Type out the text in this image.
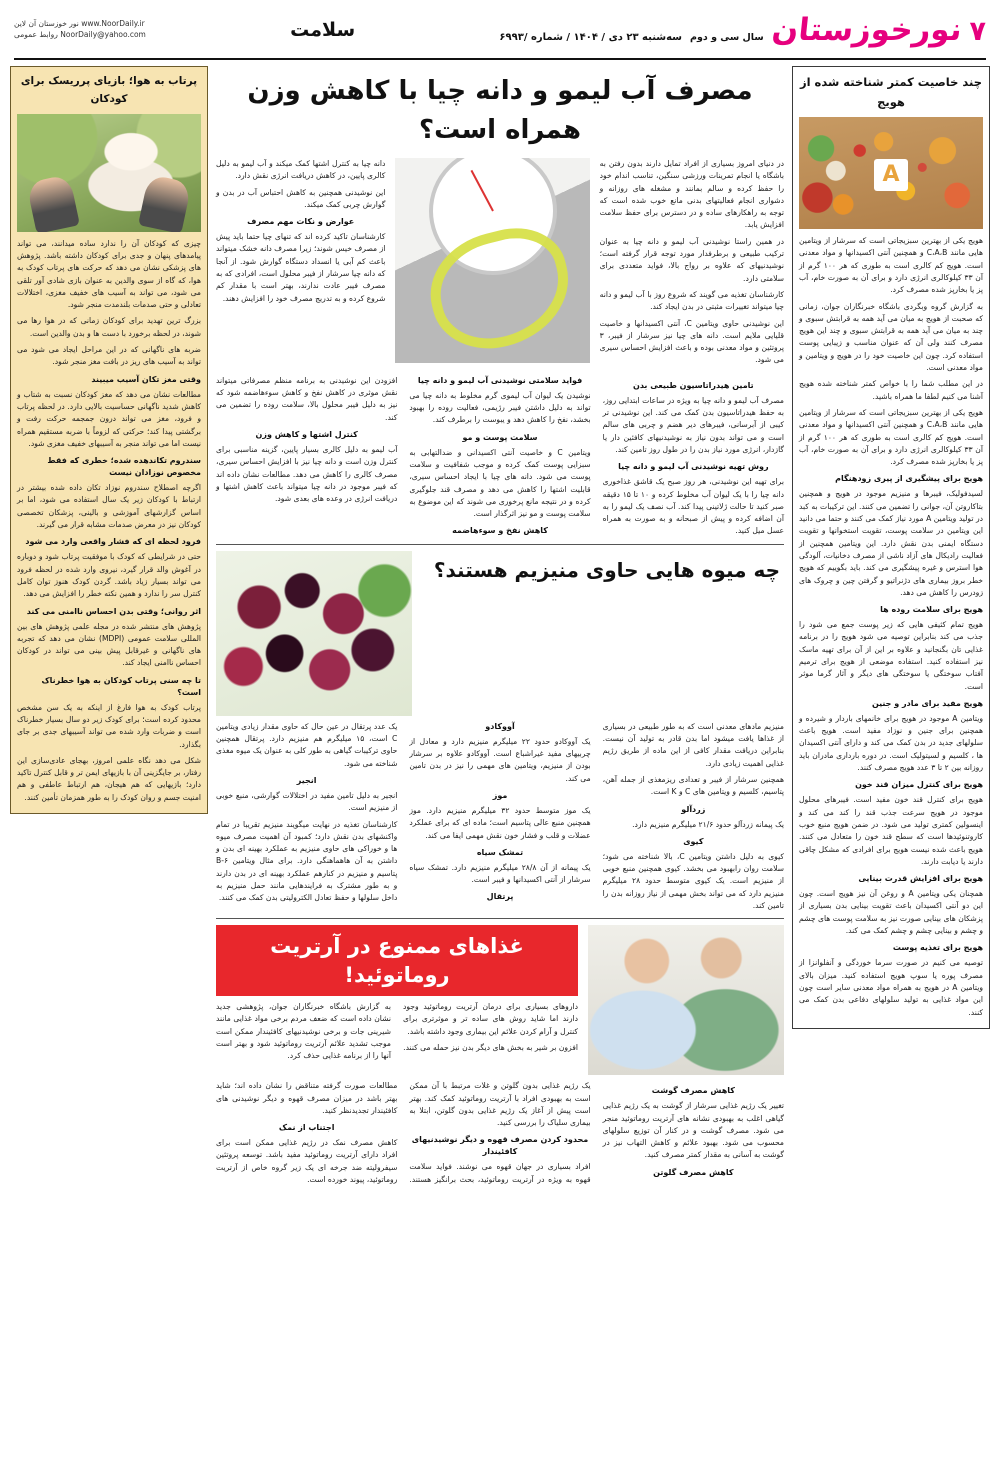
۷
نورخوزستان
سال سی و دوم
سه‌شنبه ۲۳ دی / ۱۴۰۴ / شماره /۶۹۹۳
سلامت
نور خوزستان آن لاین www.NoorDaily.ir
روابط عمومی NoorDaily@yahoo.com
چند خاصیت کمتر شناخته شده از هویج
A

هویج یکی از بهترین سبزیجاتی است که سرشار از ویتامین هایی مانند C،A،B و همچنین آنتی اکسیدانها و مواد معدنی است. هویج کم کالری است به طوری که هر ۱۰۰ گرم از آن ۳۳ کیلوکالری انرژی دارد و برای آن به صورت خام، آب پز یا بخارپز شده مصرف کرد.

به گزارش گروه وبگردی باشگاه خبرنگاران جوان، زمانی که صحبت از هویج به میان می آید همه به قرابتش سبوی و چند به میان می آید همه به قرابتش سبوی و چند این هویج مصرف کنند ولی آن که عنوان مناسب و زیبایی پوست استفاده کرد. چون این خاصیت خود را در هویج و ویتامین و مواد معدنی است.

در این مطلب شما را با خواص کمتر شناخته شده هویج آشنا می کنیم لطفا ما همراه باشید.

هویج یکی از بهترین سبزیجاتی است که سرشار از ویتامین هایی مانند C،A،B و همچنین آنتی اکسیدانها و مواد معدنی است. هویج کم کالری است به طوری که هر ۱۰۰ گرم از آن ۳۳ کیلوکالری انرژی دارد و برای آن به صورت خام، آب پز یا بخارپز شده مصرف کرد.

هویج برای پیشگیری از پیری زودهنگام

لسیدفولیک، فیبرها و منیزیم موجود در هویج و همچنین بتاکاروتن آن، جوانی را تضمین می کنند. این ترکیبات به کبد در تولید ویتامین A مورد نیاز کمک می کنند و حتما می دانید این ویتامین در سلامت پوست، تقویت استخوانها و تقویت دستگاه ایمنی بدن نقش دارد. این ویتامین همچنین از فعالیت رادیکال های آزاد ناشی از مصرف دخانیات، آلودگی هوا استرس و غیره پیشگیری می کند. باید بگوییم که هویج خطر بروز بیماری های دژنراتیو و گرفتن چین و چروک های زودرس را کاهش می دهد.

هویج برای سلامت روده ها

هویج تمام کثیفی هایی که زیر پوست جمع می شود را جذب می کند بنابراین توصیه می شود هویج را در برنامه غذایی تان بگنجانید و علاوه بر این از آن برای تهیه ماسک نیز استفاده کنید. استفاده موضعی از هویج برای ترمیم آفتاب سوختگی یا سوختگی های دیگر و آثار گرما موثر است.

هویج مفید برای مادر و جنین

ویتامین A موجود در هویج برای خانمهای باردار و شیرده و همچنین برای جنین و نوزاد مفید است. هویج باعث سلولهای جدید در بدن کمک می کند و دارای آنتی اکسیدان ها ، کلسیم و لسیتولیک است. در دوره بارداری مادران باید روزانه بین ۲ تا ۳ عدد هویج مصرف کنند.

هویج برای کنترل میزان قند خون

هویج برای کنترل قند خون مفید است. فیبرهای محلول موجود در هویج سرعت جذب قند را کند می کند و اینسولین کمتری تولید می شود. در ضمن هویج منبع خوب کاروتنوئیدها است که سطح قند خون را متعادل می کنند. هویج باعث شده نیست هویج برای افرادی که مشکل چاقی دارند یا دیابت دارند.

هویج برای افزایش قدرت بینایی

همچنان یکی ویتامین A و روغن آن نیز هویج است. چون این دو آنتی اکسیدان باعث تقویت بینایی بدن بسیاری از پزشکان های بینایی صورت نیز به سلامت پوست های چشم و چشم و بینایی چشم و چشم کمک می کند.

هویج برای تغذیه پوست

توصیه می کنیم در صورت سرما خوردگی و آنفلوانزا از مصرف پوره یا سوپ هویج استفاده کنید. میزان بالای ویتامین A در هویج به همراه مواد معدنی سایر است چون این مواد غذایی به تولید سلولهای دفاعی بدن کمک می کنند.

مصرف آب لیمو و دانه چیا با کاهش وزن همراه است؟

در دنیای امروز بسیاری از افراد تمایل دارند بدون رفتن به باشگاه یا انجام تمرینات ورزشی سنگین، تناسب اندام خود را حفظ کرده و سالم بمانند و مشغله های روزانه و دشواری انجام فعالیتهای بدنی مانع خوب شده است که توجه به راهکارهای ساده و در دسترس برای حفظ سلامت افزایش یابد.

در همین راستا نوشیدنی آب لیمو و دانه چیا به عنوان ترکیب طبیعی و برطرفدار مورد توجه قرار گرفته است؛ نوشیدنیهای که علاوه بر رواج بالا، فواید متعددی برای سلامتی دارد.

کارشناسان تغذیه می گویند که شروع روز با آب لیمو و دانه چیا میتواند تغییرات مثبتی در بدن ایجاد کند.

این نوشیدنی حاوی ویتامین C، آنتی اکسیدانها و خاصیت قلیایی ملایم است. دانه های چیا نیز سرشار از فیبر، ۳ پروتئین و مواد معدنی بوده و باعث افزایش احساس سیری می شود.

دانه چیا به کنترل اشتها کمک میکند و آب لیمو به دلیل کالری پایین، در کاهش دریافت انرژی نقش دارد.

این نوشیدنی همچنین به کاهش احتباس آب در بدن و گوارش چربی کمک میکند.

عوارض و نکات مهم مصرف

کارشناسان تاکید کرده اند که تنهای چیا حتما باید پیش از مصرف خیس شوند؛ زیرا مصرف دانه خشک میتواند باعث کم آبی یا انسداد دستگاه گوارش شود. از آنجا که دانه چیا سرشار از فیبر محلول است، افرادی که به مصرف فیبر عادت ندارند، بهتر است با مقدار کم شروع کرده و به تدریج مصرف خود را افزایش دهند.

تامین هیدراتاسیون طبیعی بدن

مصرف آب لیمو و دانه چیا به ویژه در ساعات ابتدایی روز، به حفظ هیدراتاسیون بدن کمک می کند. این نوشیدنی تر کیبی از آبرسانی، فیبرهای دیر هضم و چربی های سالم است و می تواند بدون نیاز به نوشیدنیهای کافئین دار یا گازدار، انرژی مورد نیاز بدن را در طول روز تامین کند.

روش تهیه نوشیدنی آب لیمو و دانه چیا

برای تهیه این نوشیدنی، هر روز صبح یک قاشق غذاخوری دانه چیا را با یک لیوان آب مخلوط کرده و ۱۰ تا ۱۵ دقیقه صبر کنید تا حالت ژلاتینی پیدا کند. آب نصف یک لیمو را به آن اضافه کرده و پیش از صبحانه و به صورت به همراه عسل میل کنید.

فواید سلامتی نوشیدنی آب لیمو و دانه چیا

نوشیدن یک لیوان آب لیموی گرم مخلوط به دانه چیا می تواند به دلیل داشتن فیبر رژیمی، فعالیت روده را بهبود بخشد، نفخ را کاهش دهد و یبوست را برطرف کند.

سلامت پوست و مو

ویتامین C و خاصیت آنتی اکسیدانی و ضدالتهابی به سبزایی پوست کمک کرده و موجب شفافیت و سلامت پوست می شود. دانه های چیا با ایجاد احساس سیری، قابلیت اشتها را کاهش می دهد و مصرف قند جلوگیری کرده و در نتیجه مانع پرخوری می شوند که این موضوع به سلامت پوست و مو نیز اثرگذار است.

کاهش نفخ و سوءهاضمه

افزودن این نوشیدنی به برنامه منظم مصرفاتی میتواند نقش موثری در کاهش نفخ و کاهش سوءهاضمه شود که نیز به دلیل فیبر محلول بالا، سلامت روده را تضمین می کند.

کنترل اشتها و کاهش وزن

آب لیمو به دلیل کالری بسیار پایین، گزینه مناسبی برای کنترل وزن است و دانه چیا نیز با افزایش احساس سیری، مصرف کالری را کاهش می دهد. مطالعات نشان داده اند که فیبر موجود در دانه چیا میتواند باعث کاهش اشتها و دریافت انرژی در وعده های بعدی شود.

چه میوه هایی حاوی منیزیم هستند؟

منیزیم مادهای معدنی است که به طور طبیعی در بسیاری از غذاها یافت میشود اما بدن قادر به تولید آن نیست. بنابراین دریافت مقدار کافی از این ماده از طریق رژیم غذایی اهمیت زیادی دارد.

همچنین سرشار از فیبر و تعدادی ریزمغذی از جمله آهن، پتاسیم، کلسیم و ویتامین های C و K است.

زردآلو

یک پیمانه زردآلو حدود ۲۱/۶ میلیگرم منیزیم دارد.

کیوی

کیوی به دلیل داشتن ویتامین C، بالا شناخته می شود؛ سلامت روان رابهبود می بخشد. کیوی همچنین منبع خوبی از منیزیم است. یک کیوی متوسط حدود ۲۸ میلیگرم منیزیم دارد که می تواند بخش مهمی از نیاز روزانه بدن را تامین کند.

آووکادو

یک آووکادو حدود ۲۲ میلیگرم منیزیم دارد و معادل از چربیهای مفید غیراشباع است. آووکادو علاوه بر سرشار بودن از منیزیم، ویتامین های مهمی را نیز در بدن تامین می کند.

موز

یک موز متوسط حدود ۳۲ میلیگرم منیزیم دارد. موز همچنین منبع عالی پتاسیم است؛ ماده ای که برای عملکرد عضلات و قلب و فشار خون نقش مهمی ایفا می کند.

تمشک سیاه

یک پیمانه از آن ۲۸/۸ میلیگرم منیزیم دارد. تمشک سیاه سرشار از آنتی اکسیدانها و فیبر است.

پرتقال

یک عدد پرتقال در عین حال که حاوی مقدار زیادی ویتامین C است، ۱۵ میلیگرم هم منیزیم دارد. پرتقال همچنین حاوی ترکیبات گیاهی به طور کلی به عنوان یک میوه مغذی شناخته می شود.

انجیر

انجیر به دلیل تامین مفید در اختلالات گوارشی، منبع خوبی از منیزیم است.

کارشناسان تغذیه در نهایت میگویند منیزیم تقریبا در تمام واکنشهای بدن نقش دارد؛ کمبود آن اهمیت مصرف میوه ها و خوراکی های حاوی منیزیم به عملکرد بهینه ای بدن و داشتن به آن هاهماهنگی دارد. برای مثال ویتامین ۶-B پتاسیم و منیزیم در کنارهم عملکرد بهینه ای در بدن دارند و به طور مشترک به فرایندهایی مانند حمل منیزیم به داخل سلولها و حفظ تعادل الکترولیتی بدن کمک می کنند.

غذاهای ممنوع در آرتریت روماتوئید!

داروهای بسیاری برای درمان آرتریت روماتوئید وجود دارند اما شاید روش های ساده تر و موثرتری برای کنترل و آرام کردن علائم این بیماری وجود داشته باشد.

افزون بر شیر به بخش های دیگر بدن نیز حمله می کنند.

به گزارش باشگاه خبرنگاران جوان، پژوهشی جدید نشان داده است که ضعف مردم برخی مواد غذایی مانند شیرینی جات و برخی نوشیدنیهای کافئیندار ممکن است موجب تشدید علائم آرتریت روماتوئید شود و بهتر است آنها را از برنامه غذایی حذف کرد.

کاهش مصرف گوشت

تغییر یک رژیم غذایی سرشار از گوشت به یک رژیم غذایی گیاهی اغلب به بهبودی نشانه های آرتریت روماتوئید منجر می شود. مصرف گوشت و در کنار آن توزیع سلولهای محسوب می شود. بهبود علائم و کاهش التهاب نیز در گوشت به آسانی به مقدار کمتر مصرف کنید.

کاهش مصرف گلوتن

یک رژیم غذایی بدون گلوتن و غلات مرتبط با آن ممکن است به بهبودی افراد با آرتریت روماتوئید کمک کند. بهتر است پیش از آغاز یک رژیم غذایی بدون گلوتن، ابتلا به بیماری سلیاک را بررسی کنید.

محدود کردن مصرف قهوه و دیگر نوشیدنیهای کافئیندار

افراد بسیاری در جهان قهوه می نوشند. فواید سلامت قهوه به ویژه در آرتریت روماتوئید، بحث برانگیز هستند. مطالعات صورت گرفته متناقض را نشان داده اند؛ شاید بهتر باشد در میزان مصرف قهوه و دیگر نوشیدنی های کافئیندار تجدیدنظر کنید.

اجتناب از نمک

کاهش مصرف نمک در رژیم غذایی ممکن است برای افراد دارای آرتریت روماتوئید مفید باشد. توسعه پروتئین سیفرولیته ضد جرخه ای یک زیر گروه خاص از آرتریت روماتوئید، پیوند خورده است.

پرتاب به هوا؛ بازیای پرریسک برای کودکان

چیزی که کودکان آن را ندارد ساده میدانند، می تواند پیامدهای پنهان و جدی برای کودکان داشته باشد. پژوهش های پزشکی نشان می دهد که حرکت های پرتاب کودک به هوا، که گاه از سوی والدین به عنوان بازی شادی آور تلقی می شود، می تواند به آسیب های خفیف مغزی، اختلالات تعادلی و حتی صدمات بلندمدت منجر شود.

بزرگ ترین تهدید برای کودکان زمانی که در هوا رها می شوند، در لحظه برخورد با دست ها و بدن والدین است.

ضربه های ناگهانی که در این مراحل ایجاد می شود می تواند به آسیب های ریز در بافت مغز منجر شود.

وقتی مغز تکان آسیب میبیند

مطالعات نشان می دهد که مغز کودکان نسبت به شتاب و کاهش شدید ناگهانی حساسیت بالایی دارد. در لحظه پرتاب و فرود، مغز می تواند درون جمجمه حرکت رفت و برگشتی پیدا کند؛ حرکتی که لزوماً با ضربه مستقیم همراه نیست اما می تواند منجر به آسیبهای خفیف مغزی شود.

سندروم تکاندهده شده؛ خطری که فقط مخصوص نوزادان نیست

اگرچه اصطلاح سندروم نوزاد تکان داده شده بیشتر در ارتباط با کودکان زیر یک سال استفاده می شود، اما بر اساس گزارشهای آموزشی و بالینی، پزشکان تخصصی کودکان نیز در معرض صدمات مشابه قرار می گیرند.

فرود لحظه ای که فشار واقعی وارد می شود

حتی در شرایطی که کودک با موفقیت پرتاب شود و دوباره در آغوش والد قرار گیرد، نیروی وارد شده در لحظه فرود می تواند بسیار زیاد باشد. گردن کودک هنوز توان کامل کنترل سر را ندارد و همین نکته خطر را افزایش می دهد.

اثر روانی؛ وقتی بدن احساس ناامنی می کند

پژوهش های منتشر شده در مجله علمی پژوهش های بین المللی سلامت عمومی (MDPI) نشان می دهد که تجربه های ناگهانی و غیرقابل پیش بینی می تواند در کودکان احساس ناامنی ایجاد کند.

تا چه سنی پرتاب کودکان به هوا خطرناک است؟

پرتاب کودک به هوا فارغ از اینکه به یک سن مشخص محدود کرده است؛ برای کودک زیر دو سال بسیار خطرناک است و ضربات وارد شده می تواند آسیبهای جدی بر جای بگذارد.

شکل می دهد نگاه علمی امروز، بهجای عادی‌سازی این رفتار، بر جایگزینی آن با بازیهای ایمن تر و قابل کنترل تاکید دارد؛ بازیهایی که هم هیجان، هم ارتباط عاطفی و هم امنیت جسم و روان کودک را به طور همزمان تأمین کنند.
